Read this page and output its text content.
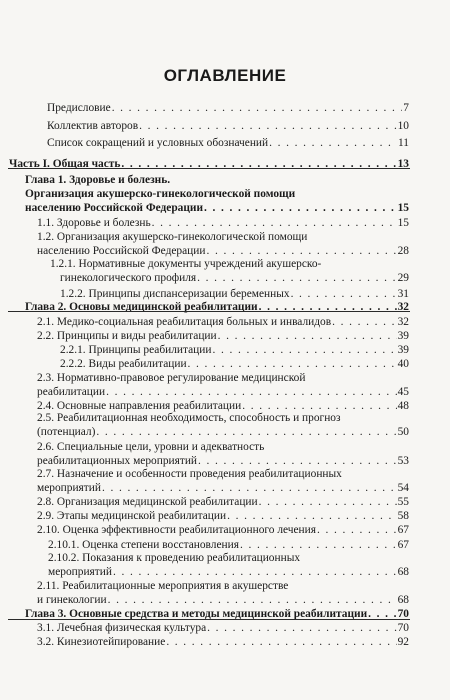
ОГЛАВЛЕНИЕ
Предисловие . . .	7
Коллектив авторов . . .	10
Список сокращений и условных обозначений . . .	11
Часть I. Общая часть . . .	13
Глава 1. Здоровье и болезнь.
Организация акушерско-гинекологической помощи
населению Российской Федерации . . .	15
1.1. Здоровье и болезнь . . .	15
1.2. Организация акушерско-гинекологической помощи
населению Российской Федерации . . .	28
1.2.1. Нормативные документы учреждений акушерско-
гинекологического профиля . . .	29
1.2.2. Принципы диспансеризации беременных . . .	31
Глава 2. Основы медицинской реабилитации . . .	32
2.1. Медико-социальная реабилитация больных и инвалидов . . .	32
2.2. Принципы и виды реабилитации . . .	39
2.2.1. Принципы реабилитации . . .	39
2.2.2. Виды реабилитации . . .	40
2.3. Нормативно-правовое регулирование медицинской
реабилитации . . .	45
2.4. Основные направления реабилитации . . .	48
2.5. Реабилитационная необходимость, способность и прогноз
(потенциал) . . .	50
2.6. Специальные цели, уровни и адекватность
реабилитационных мероприятий . . .	53
2.7. Назначение и особенности проведения реабилитационных
мероприятий . . .	54
2.8. Организация медицинской реабилитации . . .	55
2.9. Этапы медицинской реабилитации . . .	58
2.10. Оценка эффективности реабилитационного лечения . . .	67
2.10.1. Оценка степени восстановления . . .	67
2.10.2. Показания к проведению реабилитационных
мероприятий . . .	68
2.11. Реабилитационные мероприятия в акушерстве
и гинекологии . . .	68
Глава 3. Основные средства и методы медицинской реабилитации . . .	70
3.1. Лечебная физическая культура . . .	70
3.2. Кинезиотейпирование . . .	92
